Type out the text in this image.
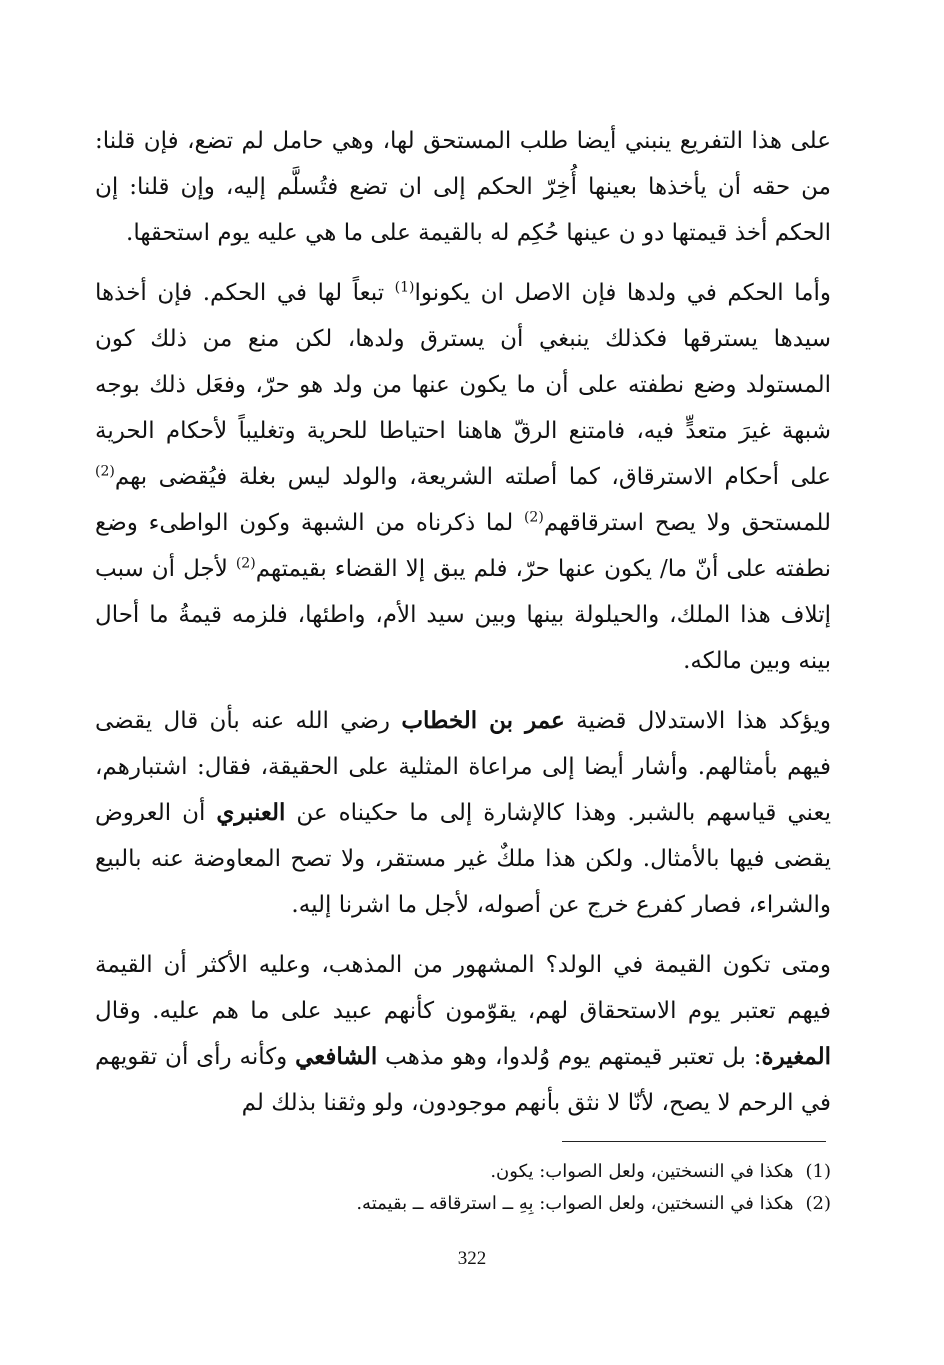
على هذا التفريع ينبني أيضا طلب المستحق لها، وهي حامل لم تضع، فإن قلنا: من حقه أن يأخذها بعينها أُخِرّ الحكم إلى ان تضع فتُسلَّم إليه، وإن قلنا: إن الحكم أخذ قيمتها دو ن عينها حُكِم له بالقيمة على ما هي عليه يوم استحقها.

وأما الحكم في ولدها فإن الاصل ان يكونوا$^{(1)}$ تبعاً لها في الحكم. فإن أخذها سيدها يسترقها فكذلك ينبغي أن يسترق ولدها، لكن منع من ذلك كون المستولد وضع نطفته على أن ما يكون عنها من ولد هو حرّ، وفعَل ذلك بوجه شبهة غيرَ متعدٍّ فيه، فامتنع الرقّ هاهنا احتياطا للحرية وتغليباً لأحكام الحرية على أحكام الاسترقاق، كما أصلته الشريعة، والولد ليس بغلة فيُقضى بهم$^{(2)}$ للمستحق ولا يصح استرقاقهم$^{(2)}$ لما ذكرناه من الشبهة وكون الواطىء وضع نطفته على أنّ ما/ يكون عنها حرّ، فلم يبق إلا القضاء بقيمتهم$^{(2)}$ لأجل أن سبب إتلاف هذا الملك، والحيلولة بينها وبين سيد الأم، واطئها، فلزمه قيمةُ ما أحال بينه وبين مالكه.

ويؤكد هذا الاستدلال قضية عمر بن الخطاب رضي الله عنه بأن قال يقضى فيهم بأمثالهم. وأشار أيضا إلى مراعاة المثلية على الحقيقة، فقال: اشتبارهم، يعني قياسهم بالشبر. وهذا كالإشارة إلى ما حكيناه عن العنبري أن العروض يقضى فيها بالأمثال. ولكن هذا ملكٌ غير مستقر، ولا تصح المعاوضة عنه بالبيع والشراء، فصار كفرع خرج عن أصوله، لأجل ما اشرنا إليه.

ومتى تكون القيمة في الولد؟ المشهور من المذهب، وعليه الأكثر أن القيمة فيهم تعتبر يوم الاستحقاق لهم، يقوّمون كأنهم عبيد على ما هم عليه. وقال المغيرة: بل تعتبر قيمتهم يوم وُلدوا، وهو مذهب الشافعي وكأنه رأى أن تقويهم في الرحم لا يصح، لأنّا لا نثق بأنهم موجودون، ولو وثقنا بذلك لم

(1)هكذا في النسختين، ولعل الصواب: يكون.
(2)هكذا في النسختين، ولعل الصواب: بِهِ ــ استرقاقه ــ بقيمته.
322
